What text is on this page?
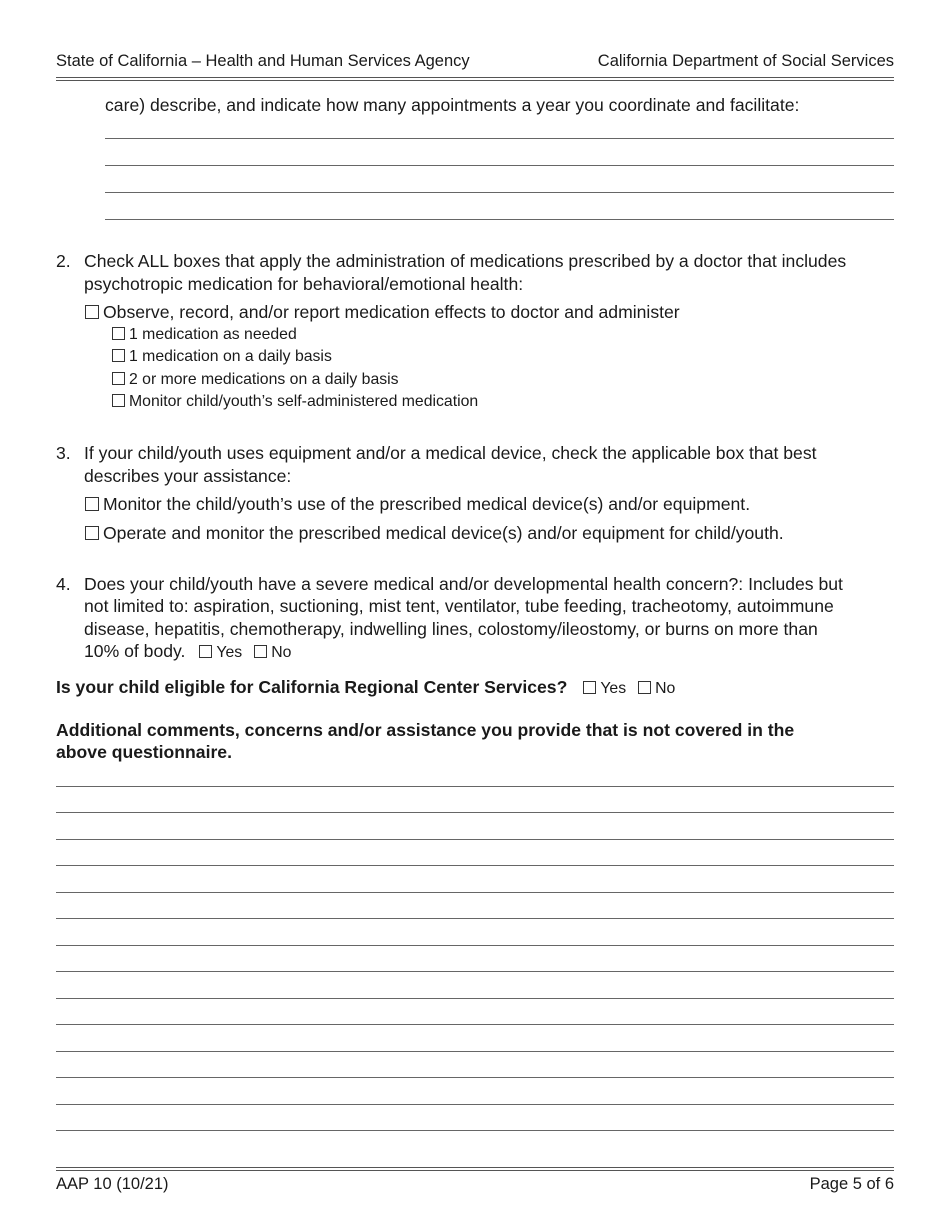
State of California – Health and Human Services Agency	California Department of Social Services
care) describe, and indicate how many appointments a year you coordinate and facilitate:
2. Check ALL boxes that apply the administration of medications prescribed by a doctor that includes
psychotropic medication for behavioral/emotional health:
Observe, record, and/or report medication effects to doctor and administer
1 medication as needed
1 medication on a daily basis
2 or more medications on a daily basis
Monitor child/youth’s self-administered medication
3. If your child/youth uses equipment and/or a medical device, check the applicable box that best
describes your assistance:
Monitor the child/youth’s use of the prescribed medical device(s) and/or equipment.
Operate and monitor the prescribed medical device(s) and/or equipment for child/youth.
4. Does your child/youth have a severe medical and/or developmental health concern?: Includes but
not limited to: aspiration, suctioning, mist tent, ventilator, tube feeding, tracheotomy, autoimmune
disease, hepatitis, chemotherapy, indwelling lines, colostomy/ileostomy, or burns on more than
10% of body. Yes No
Is your child eligible for California Regional Center Services? Yes No
Additional comments, concerns and/or assistance you provide that is not covered in the
above questionnaire.
AAP 10 (10/21)	Page 5 of 6
